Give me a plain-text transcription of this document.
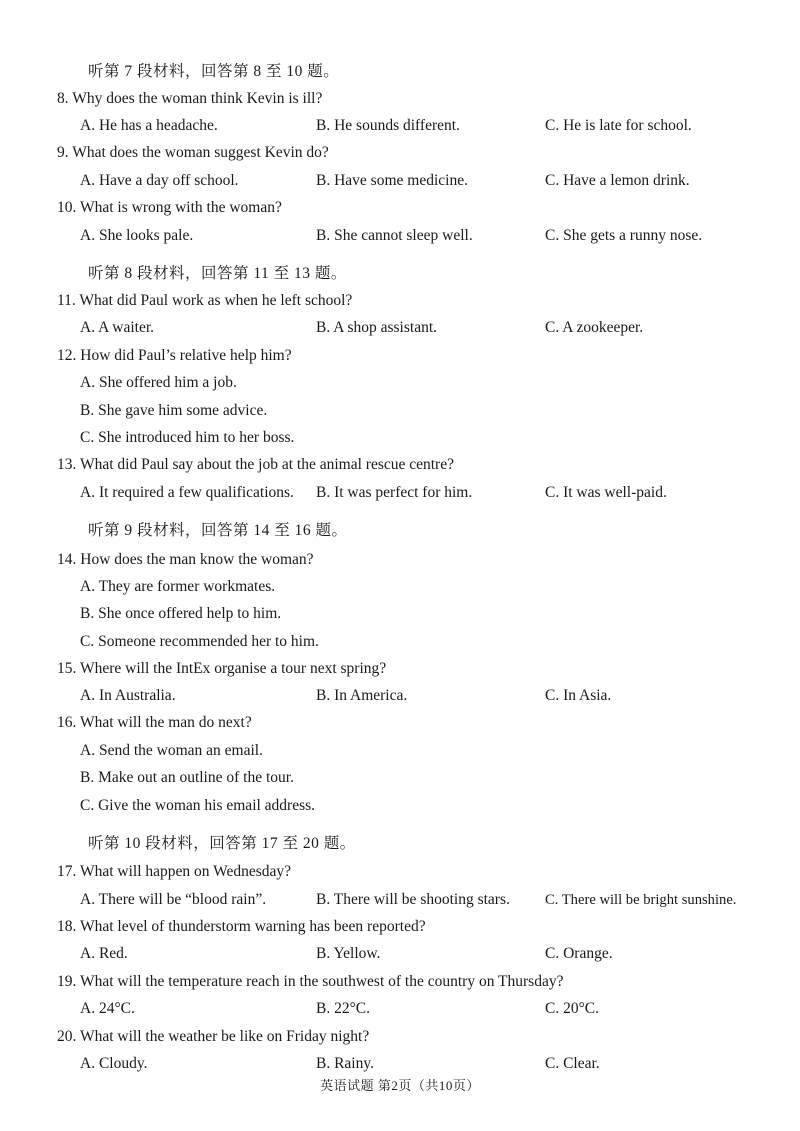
听第 7 段材料，回答第 8 至 10 题。
8. Why does the woman think Kevin is ill?
A. He has a headache.	B. He sounds different.	C. He is late for school.
9. What does the woman suggest Kevin do?
A. Have a day off school.	B. Have some medicine.	C. Have a lemon drink.
10. What is wrong with the woman?
A. She looks pale.	B. She cannot sleep well.	C. She gets a runny nose.
听第 8 段材料，回答第 11 至 13 题。
11. What did Paul work as when he left school?
A. A waiter.	B. A shop assistant.	C. A zookeeper.
12. How did Paul’s relative help him?
A. She offered him a job.
B. She gave him some advice.
C. She introduced him to her boss.
13. What did Paul say about the job at the animal rescue centre?
A. It required a few qualifications. B. It was perfect for him.	C. It was well-paid.
听第 9 段材料，回答第 14 至 16 题。
14. How does the man know the woman?
A. They are former workmates.
B. She once offered help to him.
C. Someone recommended her to him.
15. Where will the IntEx organise a tour next spring?
A. In Australia.	B. In America.	C. In Asia.
16. What will the man do next?
A. Send the woman an email.
B. Make out an outline of the tour.
C. Give the woman his email address.
听第 10 段材料，回答第 17 至 20 题。
17. What will happen on Wednesday?
A. There will be “blood rain”.	B. There will be shooting stars. C. There will be bright sunshine.
18. What level of thunderstorm warning has been reported?
A. Red.	B. Yellow.	C. Orange.
19. What will the temperature reach in the southwest of the country on Thursday?
A. 24°C.	B. 22°C.	C. 20°C.
20. What will the weather be like on Friday night?
A. Cloudy.	B. Rainy.	C. Clear.
英语试题 第2页（共10页）
